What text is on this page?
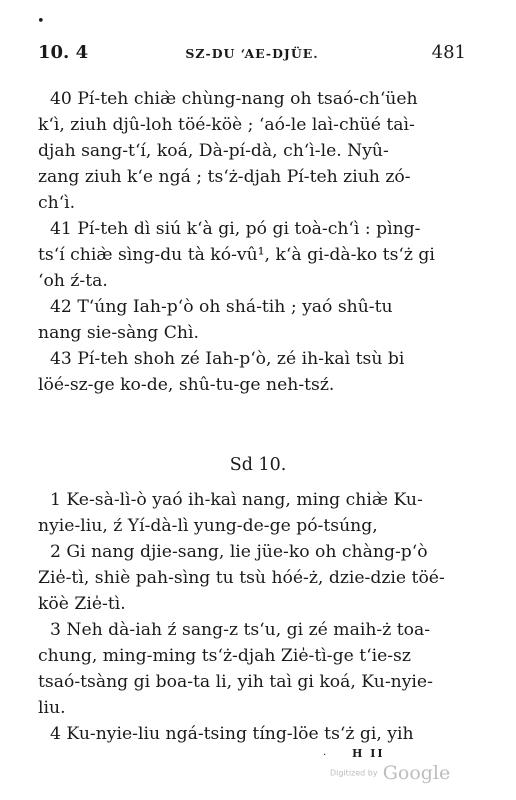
•
10. 4	SZ-DU ‘AE-DJÜE.	481
40 Pí-teh chiæ̀ chùng-nang oh tsaó-ch‘üeh
k‘ì, ziuh djû-loh töé-köè ; ‘aó-le laì-chüé taì-
djah sang-t‘í, koá, Dà-pí-dà, ch‘ì-le. Nyû-
zang ziuh k‘e ngá ; ts‘ż-djah Pí-teh ziuh zó-
ch‘ì.
41 Pí-teh dì siú k‘à gi, pó gi toà-ch‘ì : pìng-
ts‘í chiæ̀ sìng-du tà kó-vû¹, k‘à gi-dà-ko ts‘ż gi
‘oh ź-ta.
42 T‘úng Iah-p‘ò oh shá-tih ; yaó shû-tu
nang sie-sàng Chì.
43 Pí-teh shoh zé Iah-p‘ò, zé ih-kaì tsù bi
löé-sz-ge ko-de, shû-tu-ge neh-tsź.
Sd 10.
1 Ke-sà-lì-ò yaó ih-kaì nang, ming chiæ̀ Ku-
nyie-liu, ź Yí-dà-lì yung-de-ge pó-tsúng,
2 Gi nang djie-sang, lie jüe-ko oh chàng-p‘ò
Zie̍-tì, shiè pah-sìng tu tsù hóé-ż, dzie-dzie töé-
köè Zie̍-tì.
3 Neh dà-iah ź sang-z ts‘u, gi zé maih-ż toa-
chung, ming-ming ts‘ż-djah Zie̍-tì-ge t‘ie-sz
tsaó-tsàng gi boa-ta li, yih taì gi koá, Ku-nyie-
liu.
4 Ku-nyie-liu ngá-tsing tíng-löe ts‘ż gi, yih
· H II
Digitized by Google
